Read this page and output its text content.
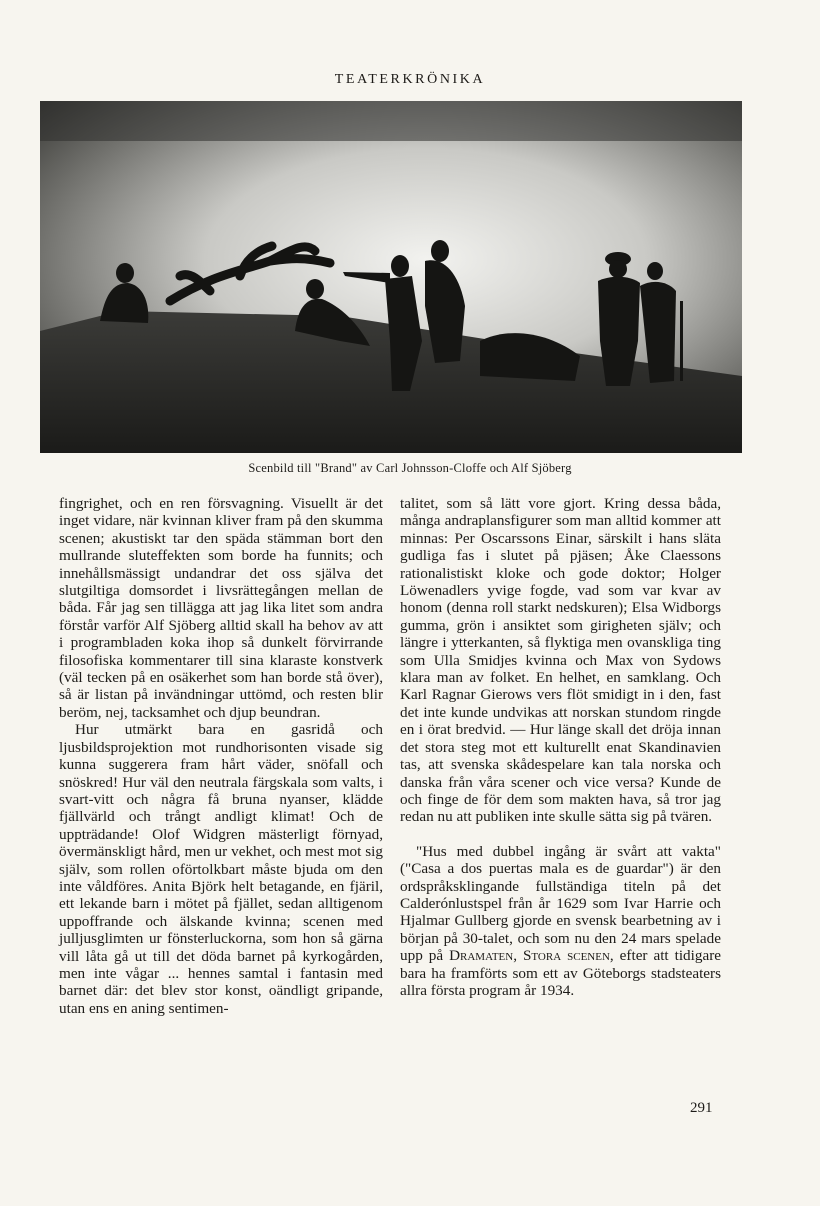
TEATERKRÖNIKA
Scenbild till "Brand" av Carl Johnsson-Cloffe och Alf Sjöberg

fingrighet, och en ren försvagning. Visuellt är det inget vidare, när kvinnan kliver fram på den skumma scenen; akustiskt tar den späda stämman bort den mullrande sluteffekten som borde ha funnits; och innehållsmässigt undandrar det oss själva det slutgiltiga domsordet i livsrättegången mellan de båda. Får jag sen tillägga att jag lika litet som andra förstår varför Alf Sjöberg alltid skall ha behov av att i programbladen koka ihop så dunkelt förvirrande filosofiska kommentarer till sina klaraste konstverk (väl tecken på en osäkerhet som han borde stå över), så är listan på invändningar uttömd, och resten blir beröm, nej, tacksamhet och djup beundran.

Hur utmärkt bara en gasridå och ljusbildsprojektion mot rundhorisonten visade sig kunna suggerera fram hårt väder, snöfall och snöskred! Hur väl den neutrala färgskala som valts, i svart-vitt och några få bruna nyanser, klädde fjällvärld och trångt andligt klimat! Och de uppträdande! Olof Widgren mästerligt förnyad, övermänskligt hård, men ur vekhet, och mest mot sig själv, som rollen oförtolkbart måste bjuda om den inte våldföres. Anita Björk helt betagande, en fjäril, ett lekande barn i mötet på fjället, sedan alltigenom uppoffrande och älskande kvinna; scenen med julljusglimten ur fönsterluckorna, som hon så gärna vill låta gå ut till det döda barnet på kyrkogården, men inte vågar ... hennes samtal i fantasin med barnet där: det blev stor konst, oändligt gripande, utan ens en aning sentimen-

talitet, som så lätt vore gjort. Kring dessa båda, många andraplansfigurer som man alltid kommer att minnas: Per Oscarssons Einar, särskilt i hans släta gudliga fas i slutet på pjäsen; Åke Claessons rationalistiskt kloke och gode doktor; Holger Löwenadlers yvige fogde, vad som var kvar av honom (denna roll starkt nedskuren); Elsa Widborgs gumma, grön i ansiktet som girigheten själv; och längre i ytterkanten, så flyktiga men ovanskliga ting som Ulla Smidjes kvinna och Max von Sydows klara man av folket. En helhet, en samklang. Och Karl Ragnar Gierows vers flöt smidigt in i den, fast det inte kunde undvikas att norskan stundom ringde en i örat bredvid. — Hur länge skall det dröja innan det stora steg mot ett kulturellt enat Skandinavien tas, att svenska skådespelare kan tala norska och danska från våra scener och vice versa? Kunde de och finge de för dem som makten hava, så tror jag redan nu att publiken inte skulle sätta sig på tvären.

"Hus med dubbel ingång är svårt att vakta" ("Casa a dos puertas mala es de guardar") är den ordspråksklingande fullständiga titeln på det Calderónlustspel från år 1629 som Ivar Harrie och Hjalmar Gullberg gjorde en svensk bearbetning av i början på 30-talet, och som nu den 24 mars spelade upp på Dramaten, Stora scenen, efter att tidigare bara ha framförts som ett av Göteborgs stadsteaters allra första program år 1934.

291
